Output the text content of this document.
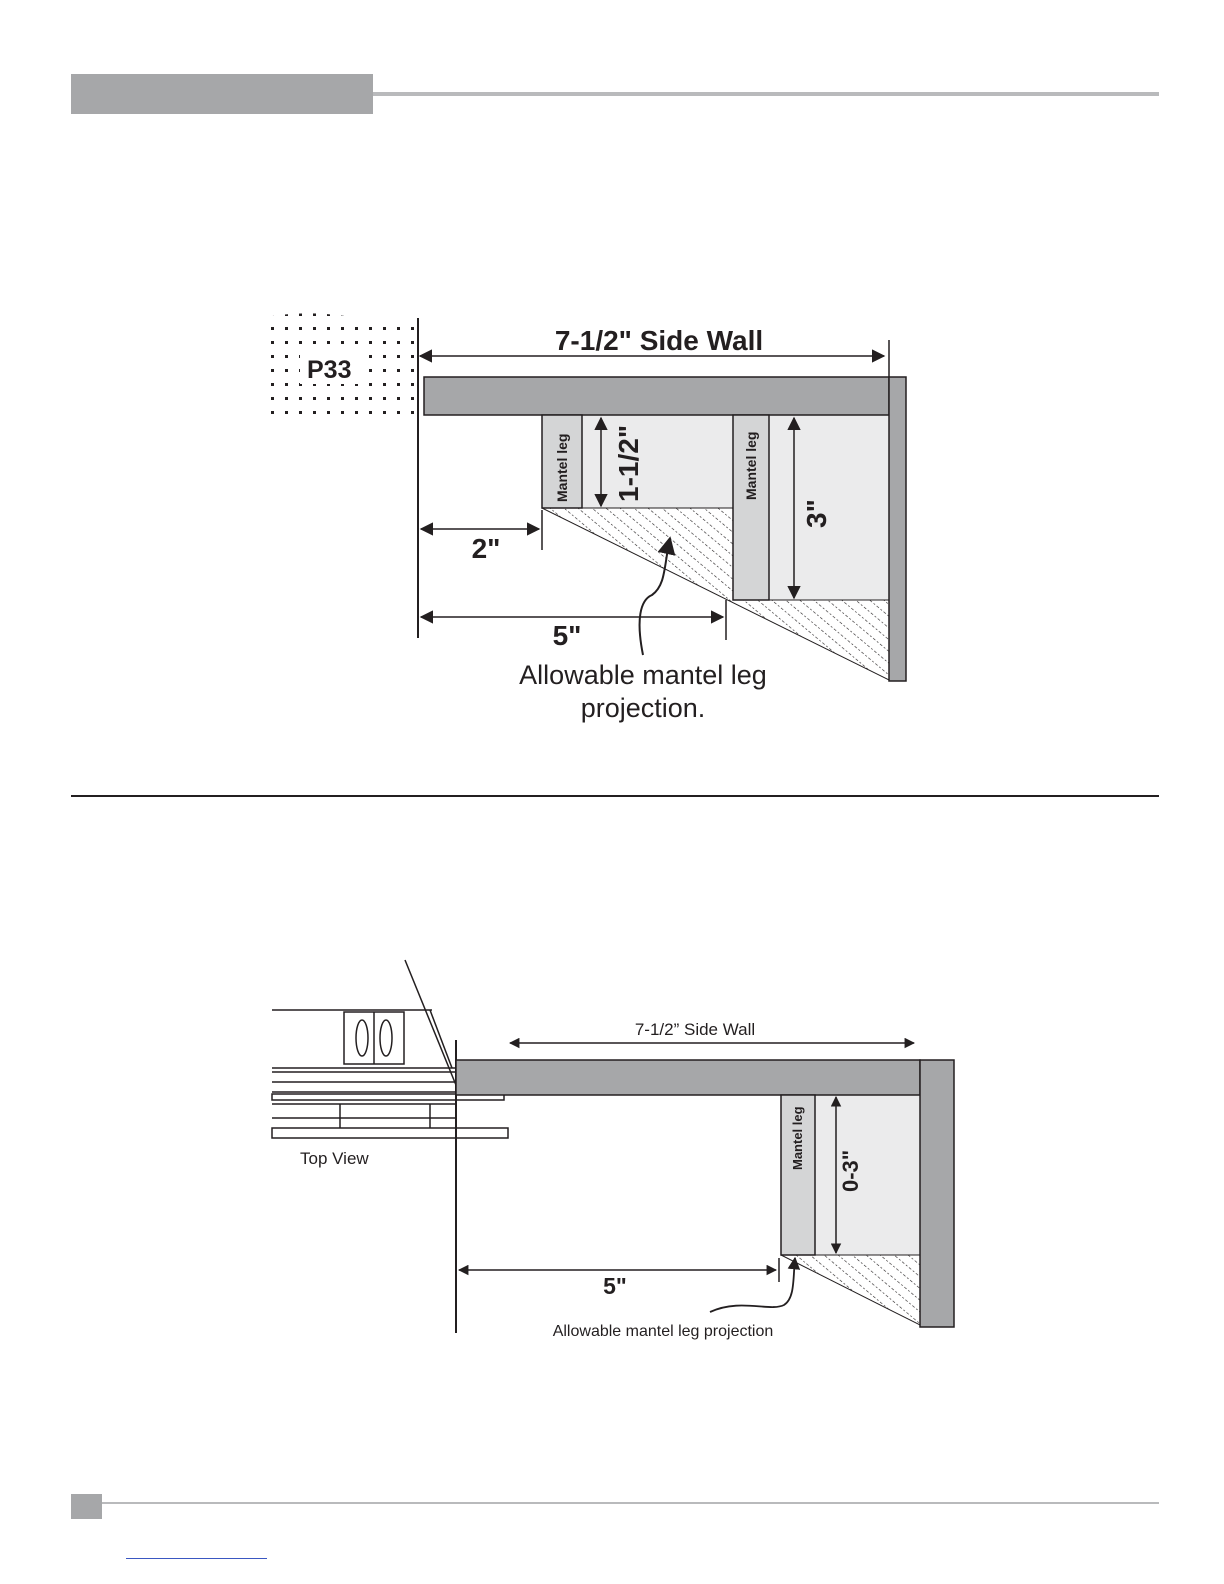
P33
Mantel leg	Mantel leg
7-1/2" Side Wall
1-1/2"
3"
2"
5"
Allowable mantel leg
projection.
Top View	Mantel leg
7-1/2” Side Wall
0-3"
5"
Allowable mantel leg projection
